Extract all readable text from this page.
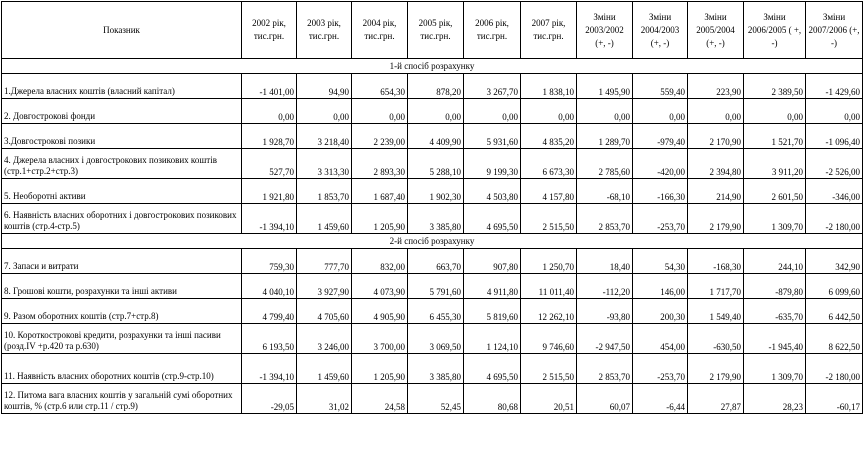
Показник	2002 рік, тис.грн.	2003 рік, тис.грн.	2004 рік, тис.грн.	2005 рік, тис.грн.	2006 рік, тис.грн.	2007 рік, тис.грн.	Зміни 2003/2002 (+, -)	Зміни 2004/2003 (+, -)	Зміни 2005/2004 (+, -)	Зміни 2006/2005 ( +, -)	Зміни 2007/2006 (+, -)
1-й спосіб розрахунку											
1.Джерела власних коштів (власний капітал)	-1 401,00	94,90	654,30	878,20	3 267,70	1 838,10	1 495,90	559,40	223,90	2 389,50	-1 429,60
2. Довгострокові фонди	0,00	0,00	0,00	0,00	0,00	0,00	0,00	0,00	0,00	0,00	0,00
3.Довгострокові позики	1 928,70	3 218,40	2 239,00	4 409,90	5 931,60	4 835,20	1 289,70	-979,40	2 170,90	1 521,70	-1 096,40
4. Джерела власних і довгострокових позикових коштів (стр.1+стр.2+стр.3)	527,70	3 313,30	2 893,30	5 288,10	9 199,30	6 673,30	2 785,60	-420,00	2 394,80	3 911,20	-2 526,00
5. Необоротні активи	1 921,80	1 853,70	1 687,40	1 902,30	4 503,80	4 157,80	-68,10	-166,30	214,90	2 601,50	-346,00
6. Наявність власних оборотних і довгострокових позикових коштів (стр.4-стр.5)	-1 394,10	1 459,60	1 205,90	3 385,80	4 695,50	2 515,50	2 853,70	-253,70	2 179,90	1 309,70	-2 180,00
2-й спосіб розрахунку											
7. Запаси и витрати	759,30	777,70	832,00	663,70	907,80	1 250,70	18,40	54,30	-168,30	244,10	342,90
8. Грошові кошти, розрахунки та інші активи	4 040,10	3 927,90	4 073,90	5 791,60	4 911,80	11 011,40	-112,20	146,00	1 717,70	-879,80	6 099,60
9. Разом оборотних коштів (стр.7+стр.8)	4 799,40	4 705,60	4 905,90	6 455,30	5 819,60	12 262,10	-93,80	200,30	1 549,40	-635,70	6 442,50
10. Короткострокові кредити, розрахунки та інші пасиви (розд.IV +р.420 та р.630)	6 193,50	3 246,00	3 700,00	3 069,50	1 124,10	9 746,60	-2 947,50	454,00	-630,50	-1 945,40	8 622,50
11. Наявність власних оборотних коштів (стр.9-стр.10)	-1 394,10	1 459,60	1 205,90	3 385,80	4 695,50	2 515,50	2 853,70	-253,70	2 179,90	1 309,70	-2 180,00
12. Питома вага власних коштів у загальній сумі оборотних коштів, % (стр.6 или стр.11 / стр.9)	-29,05	31,02	24,58	52,45	80,68	20,51	60,07	-6,44	27,87	28,23	-60,17
